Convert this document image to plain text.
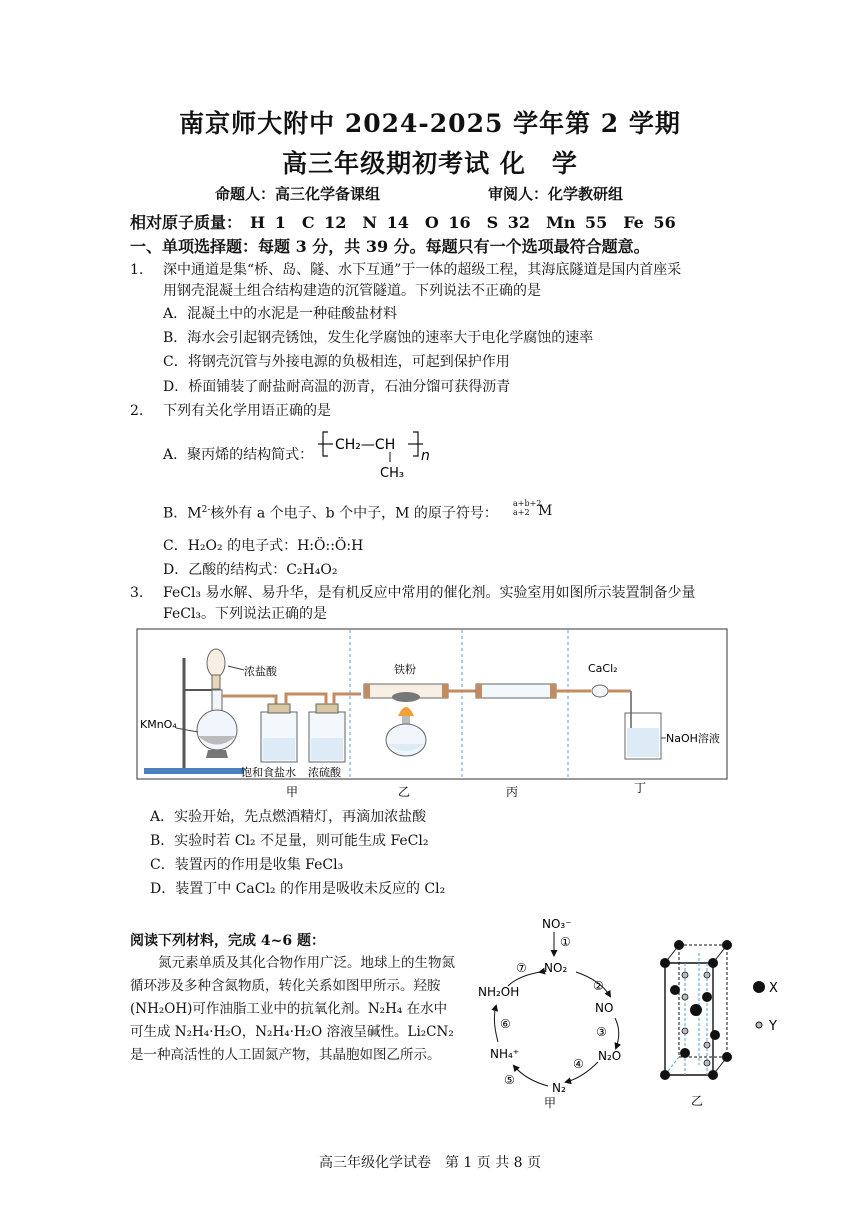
南京师大附中 2024-2025 学年第 2 学期
高三年级期初考试 化　学
命题人：高三化学备课组	审阅人：化学教研组
相对原子质量：　H 1　C 12　N 14　O 16　S 32　Mn 55　Fe 56
一、单项选择题：每题 3 分，共 39 分。每题只有一个选项最符合题意。
1. 深中通道是集“桥、岛、隧、水下互通”于一体的超级工程，其海底隧道是国内首座采
用钢壳混凝土组合结构建造的沉管隧道。下列说法不正确的是
A．混凝土中的水泥是一种硅酸盐材料
B．海水会引起钢壳锈蚀，发生化学腐蚀的速率大于电化学腐蚀的速率
C．将钢壳沉管与外接电源的负极相连，可起到保护作用
D．桥面铺装了耐盐耐高温的沥青，石油分馏可获得沥青
2. 下列有关化学用语正确的是
A．聚丙烯的结构简式：
CH₂—CH
CH₃
n
B．$M^{2-}$核外有 a 个电子、b 个中子，M 的原子符号：
a+b+2
a+2 M
C．H₂O₂ 的电子式：H:Ö::Ö:H
D．乙酸的结构式：C₂H₄O₂
3. FeCl₃ 易水解、易升华，是有机反应中常用的催化剂。实验室用如图所示装置制备少量
FeCl₃。下列说法正确的是
浓盐酸
KMnO₄
饱和食盐水 浓硫酸
铁粉	CaCl₂
NaOH溶液
甲	乙	丙	丁
A．实验开始，先点燃酒精灯，再滴加浓盐酸
B．实验时若 Cl₂ 不足量，则可能生成 FeCl₂
C．装置丙的作用是收集 FeCl₃
D．装置丁中 CaCl₂ 的作用是吸收未反应的 Cl₂
阅读下列材料，完成 4~6 题：
氮元素单质及其化合物作用广泛。地球上的生物氮循环涉及多种含氮物质，转化关系如图甲所示。羟胺(NH₂OH)可作油脂工业中的抗氧化剂。N₂H₄ 在水中可生成 N₂H₄·H₂O，N₂H₄·H₂O 溶液呈碱性。Li₂CN₂ 是一种高活性的人工固氮产物，其晶胞如图乙所示。
NO₃⁻
①
NO₂
②
NO
③
N₂O
④
N₂
⑤
NH₄⁺
⑥
NH₂OH
⑦
甲
X
Y
乙
高三年级化学试卷　第 1 页 共 8 页
